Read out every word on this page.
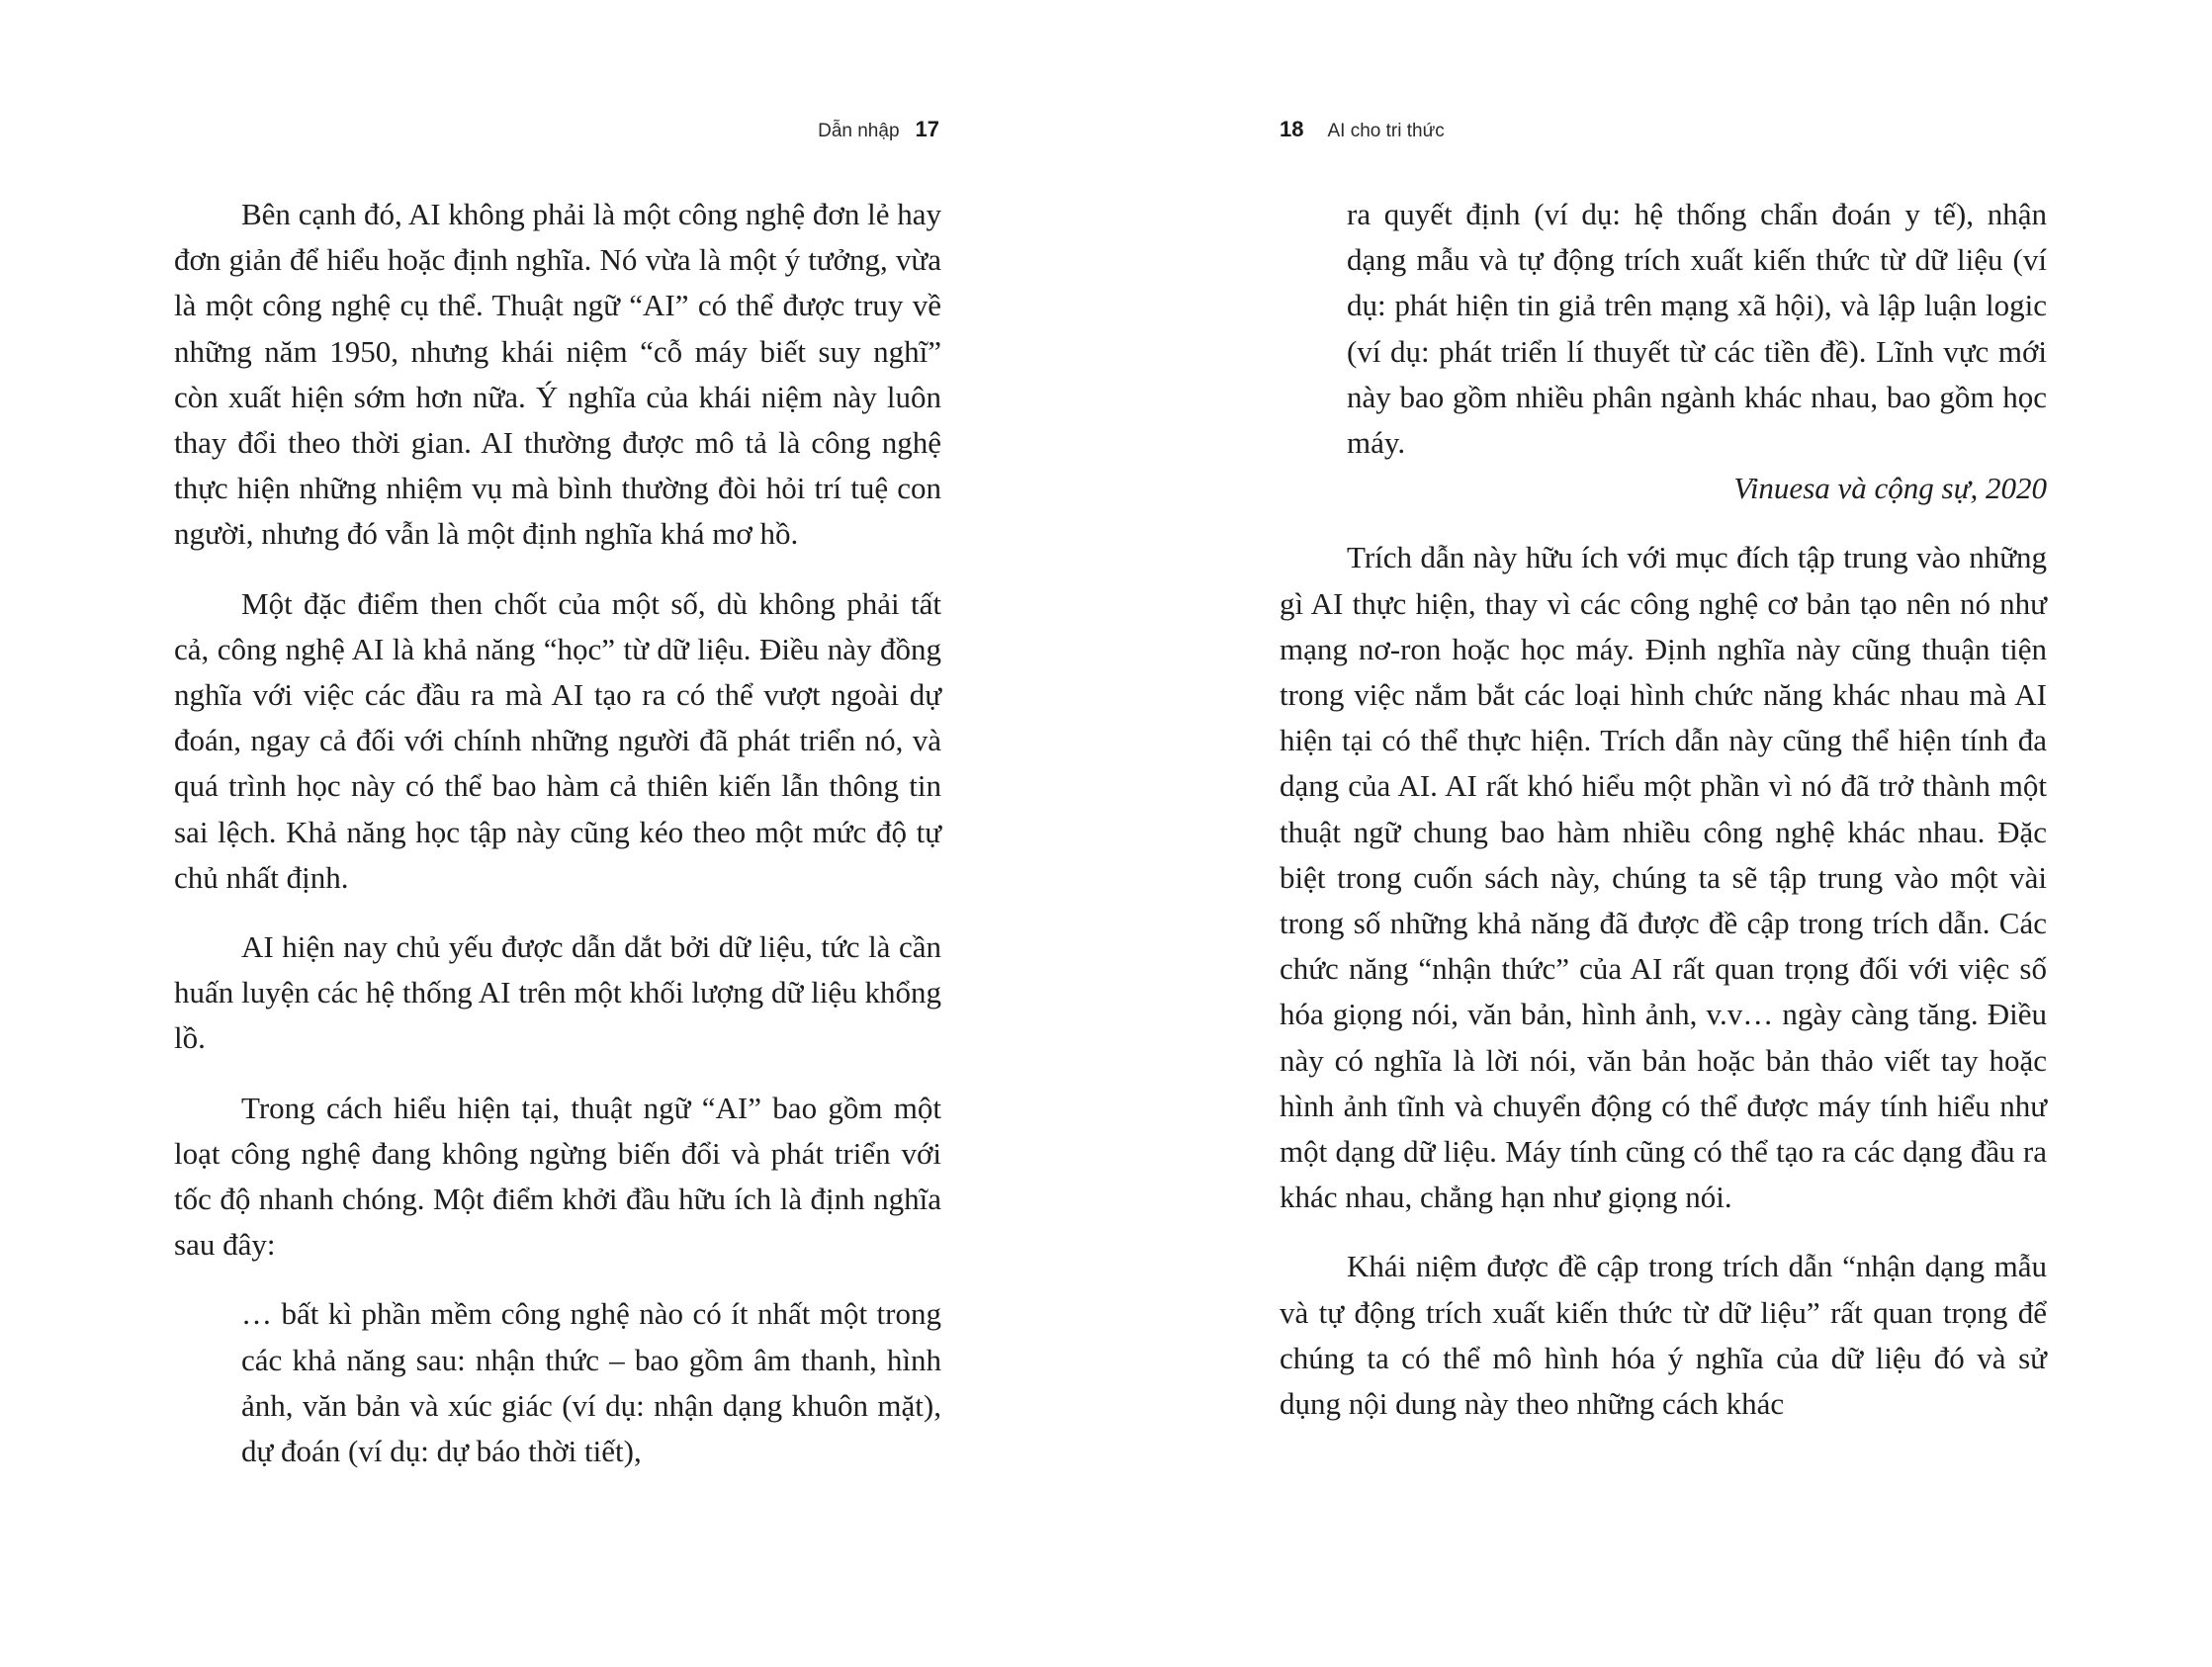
Dẫn nhập 17

Bên cạnh đó, AI không phải là một công nghệ đơn lẻ hay đơn giản để hiểu hoặc định nghĩa. Nó vừa là một ý tưởng, vừa là một công nghệ cụ thể. Thuật ngữ “AI” có thể được truy về những năm 1950, nhưng khái niệm “cỗ máy biết suy nghĩ” còn xuất hiện sớm hơn nữa. Ý nghĩa của khái niệm này luôn thay đổi theo thời gian. AI thường được mô tả là công nghệ thực hiện những nhiệm vụ mà bình thường đòi hỏi trí tuệ con người, nhưng đó vẫn là một định nghĩa khá mơ hồ.

Một đặc điểm then chốt của một số, dù không phải tất cả, công nghệ AI là khả năng “học” từ dữ liệu. Điều này đồng nghĩa với việc các đầu ra mà AI tạo ra có thể vượt ngoài dự đoán, ngay cả đối với chính những người đã phát triển nó, và quá trình học này có thể bao hàm cả thiên kiến lẫn thông tin sai lệch. Khả năng học tập này cũng kéo theo một mức độ tự chủ nhất định.

AI hiện nay chủ yếu được dẫn dắt bởi dữ liệu, tức là cần huấn luyện các hệ thống AI trên một khối lượng dữ liệu khổng lồ.

Trong cách hiểu hiện tại, thuật ngữ “AI” bao gồm một loạt công nghệ đang không ngừng biến đổi và phát triển với tốc độ nhanh chóng. Một điểm khởi đầu hữu ích là định nghĩa sau đây:

… bất kì phần mềm công nghệ nào có ít nhất một trong các khả năng sau: nhận thức – bao gồm âm thanh, hình ảnh, văn bản và xúc giác (ví dụ: nhận dạng khuôn mặt), dự đoán (ví dụ: dự báo thời tiết),

18 AI cho tri thức

ra quyết định (ví dụ: hệ thống chẩn đoán y tế), nhận dạng mẫu và tự động trích xuất kiến thức từ dữ liệu (ví dụ: phát hiện tin giả trên mạng xã hội), và lập luận logic (ví dụ: phát triển lí thuyết từ các tiền đề). Lĩnh vực mới này bao gồm nhiều phân ngành khác nhau, bao gồm học máy.

Vinuesa và cộng sự, 2020

Trích dẫn này hữu ích với mục đích tập trung vào những gì AI thực hiện, thay vì các công nghệ cơ bản tạo nên nó như mạng nơ-ron hoặc học máy. Định nghĩa này cũng thuận tiện trong việc nắm bắt các loại hình chức năng khác nhau mà AI hiện tại có thể thực hiện. Trích dẫn này cũng thể hiện tính đa dạng của AI. AI rất khó hiểu một phần vì nó đã trở thành một thuật ngữ chung bao hàm nhiều công nghệ khác nhau. Đặc biệt trong cuốn sách này, chúng ta sẽ tập trung vào một vài trong số những khả năng đã được đề cập trong trích dẫn. Các chức năng “nhận thức” của AI rất quan trọng đối với việc số hóa giọng nói, văn bản, hình ảnh, v.v… ngày càng tăng. Điều này có nghĩa là lời nói, văn bản hoặc bản thảo viết tay hoặc hình ảnh tĩnh và chuyển động có thể được máy tính hiểu như một dạng dữ liệu. Máy tính cũng có thể tạo ra các dạng đầu ra khác nhau, chẳng hạn như giọng nói.

Khái niệm được đề cập trong trích dẫn “nhận dạng mẫu và tự động trích xuất kiến thức từ dữ liệu” rất quan trọng để chúng ta có thể mô hình hóa ý nghĩa của dữ liệu đó và sử dụng nội dung này theo những cách khác
